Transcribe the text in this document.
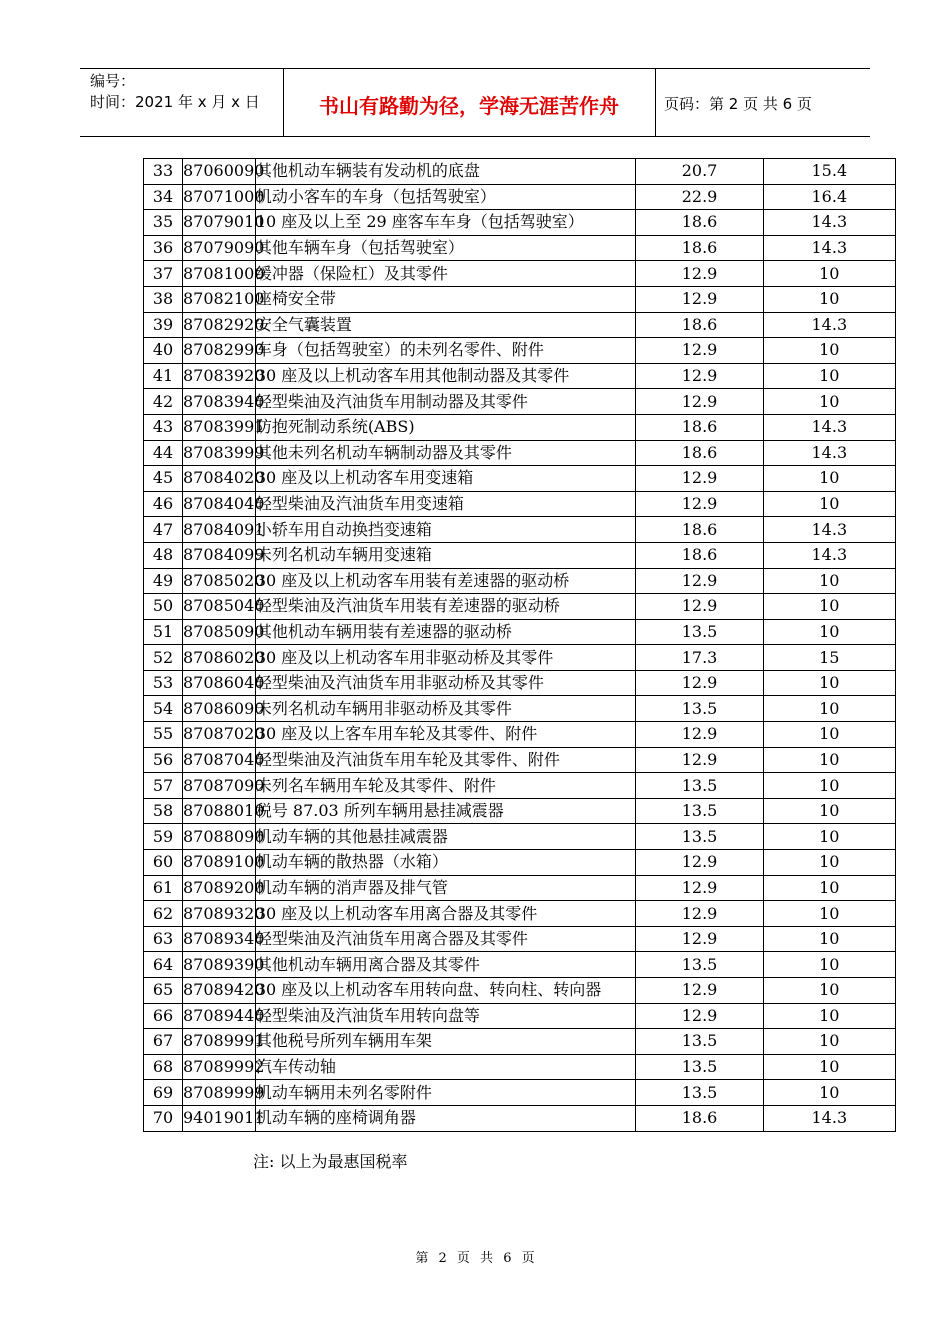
编号：
时间：2021 年 x 月 x 日	书山有路勤为径，学海无涯苦作舟	页码：第 2 页 共 6 页
33	87060090	其他机动车辆装有发动机的底盘	20.7	15.4
34	87071000	机动小客车的车身（包括驾驶室）	22.9	16.4
35	87079010	10 座及以上至 29 座客车车身（包括驾驶室）	18.6	14.3
36	87079090	其他车辆车身（包括驾驶室）	18.6	14.3
37	87081000	缓冲器（保险杠）及其零件	12.9	10
38	87082100	座椅安全带	12.9	10
39	87082920	安全气囊装置	18.6	14.3
40	87082990	车身（包括驾驶室）的未列名零件、附件	12.9	10
41	87083920	30 座及以上机动客车用其他制动器及其零件	12.9	10
42	87083940	轻型柴油及汽油货车用制动器及其零件	12.9	10
43	87083991	防抱死制动系统(ABS)	18.6	14.3
44	87083999	其他未列名机动车辆制动器及其零件	18.6	14.3
45	87084020	30 座及以上机动客车用变速箱	12.9	10
46	87084040	轻型柴油及汽油货车用变速箱	12.9	10
47	87084091	小轿车用自动换挡变速箱	18.6	14.3
48	87084099	未列名机动车辆用变速箱	18.6	14.3
49	87085020	30 座及以上机动客车用装有差速器的驱动桥	12.9	10
50	87085040	轻型柴油及汽油货车用装有差速器的驱动桥	12.9	10
51	87085090	其他机动车辆用装有差速器的驱动桥	13.5	10
52	87086020	30 座及以上机动客车用非驱动桥及其零件	17.3	15
53	87086040	轻型柴油及汽油货车用非驱动桥及其零件	12.9	10
54	87086090	未列名机动车辆用非驱动桥及其零件	13.5	10
55	87087020	30 座及以上客车用车轮及其零件、附件	12.9	10
56	87087040	轻型柴油及汽油货车用车轮及其零件、附件	12.9	10
57	87087090	未列名车辆用车轮及其零件、附件	13.5	10
58	87088010	税号 87.03 所列车辆用悬挂减震器	13.5	10
59	87088090	机动车辆的其他悬挂减震器	13.5	10
60	87089100	机动车辆的散热器（水箱）	12.9	10
61	87089200	机动车辆的消声器及排气管	12.9	10
62	87089320	30 座及以上机动客车用离合器及其零件	12.9	10
63	87089340	轻型柴油及汽油货车用离合器及其零件	12.9	10
64	87089390	其他机动车辆用离合器及其零件	13.5	10
65	87089420	30 座及以上机动客车用转向盘、转向柱、转向器	12.9	10
66	87089440	轻型柴油及汽油货车用转向盘等	12.9	10
67	87089991	其他税号所列车辆用车架	13.5	10
68	87089992	汽车传动轴	13.5	10
69	87089999	机动车辆用未列名零附件	13.5	10
70	94019011	机动车辆的座椅调角器	18.6	14.3
注: 以上为最惠国税率
第 2 页 共 6 页
